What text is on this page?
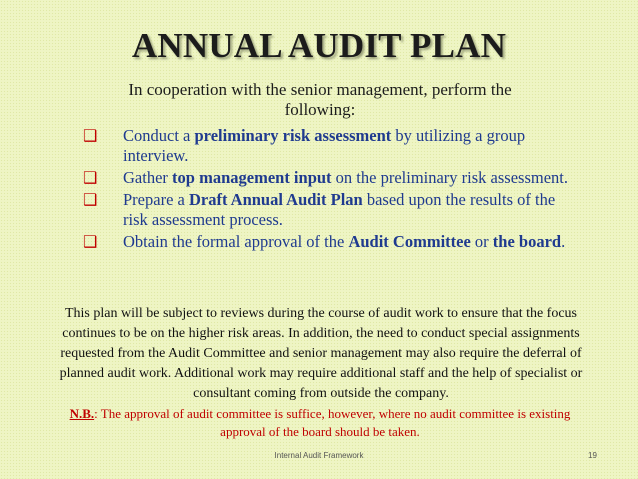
ANNUAL AUDIT PLAN
In cooperation with the senior management, perform the following:
❑ Conduct a preliminary risk assessment by utilizing a group interview.
❑ Gather top management input on the preliminary risk assessment.
❑ Prepare a Draft Annual Audit Plan based upon the results of the risk assessment process.
❑ Obtain the formal approval of the Audit Committee or the board.
This plan will be subject to reviews during the course of audit work to ensure that the focus continues to be on the higher risk areas. In addition, the need to conduct special assignments requested from the Audit Committee and senior management may also require the deferral of planned audit work. Additional work may require additional staff and the help of specialist or consultant coming from outside the company.
N.B.: The approval of audit committee is suffice, however, where no audit committee is existing approval of the board should be taken.
Internal Audit Framework	19
